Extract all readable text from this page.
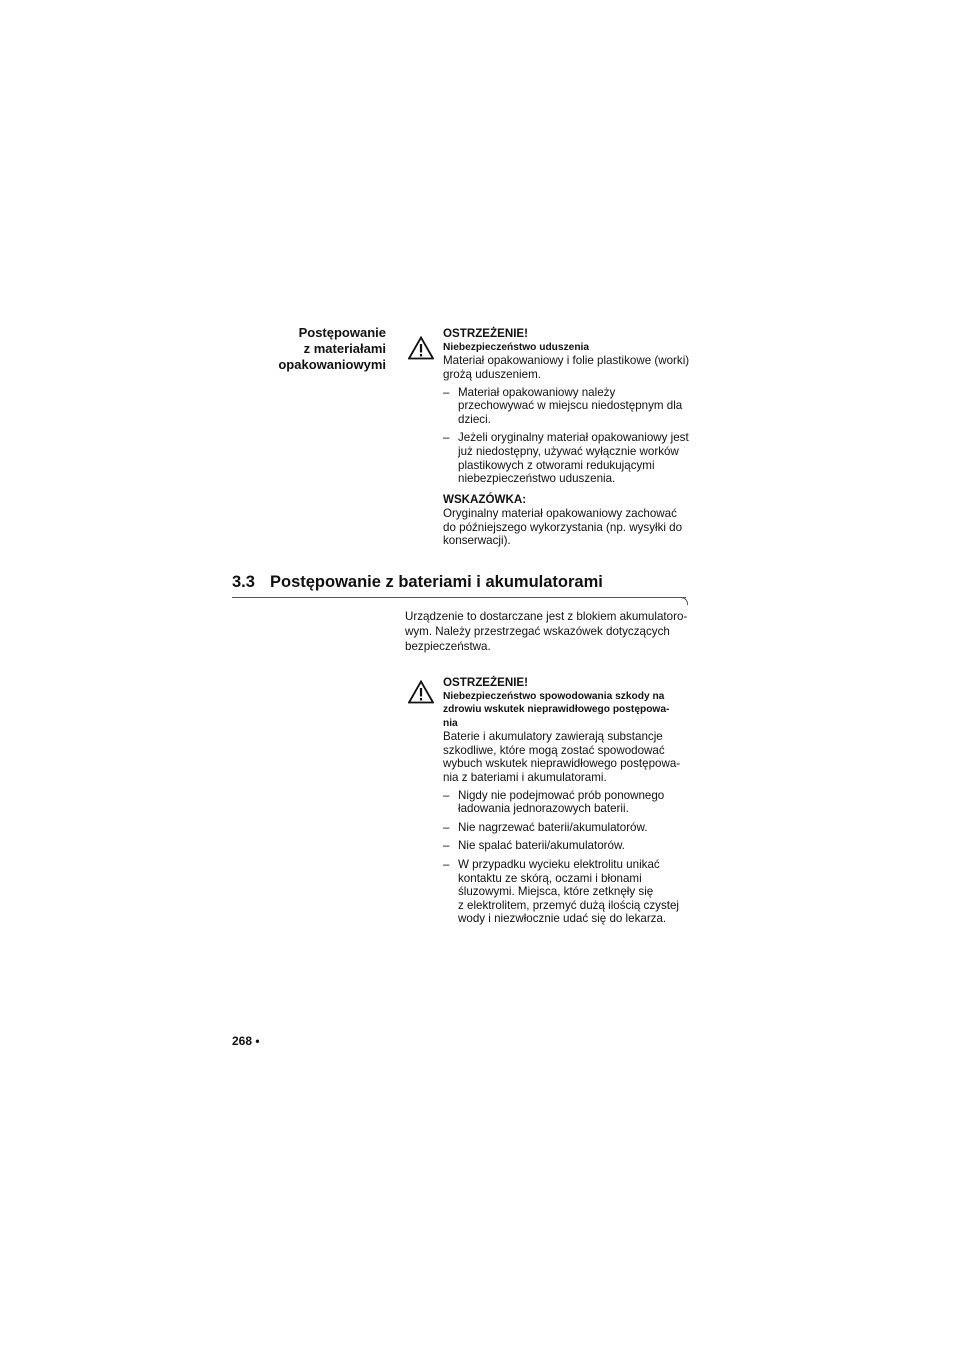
Postępowanie
z materiałami
opakowaniowymi
OSTRZEŻENIE!
Niebezpieczeństwo uduszenia

Materiał opakowaniowy i folie plastikowe (worki)
grożą uduszeniem.

– Materiał opakowaniowy należy
przechowywać w miejscu niedostępnym dla
dzieci.
– Jeżeli oryginalny materiał opakowaniowy jest
już niedostępny, używać wyłącznie worków
plastikowych z otworami redukującymi
niebezpieczeństwo uduszenia.
WSKAZÓWKA:

Oryginalny materiał opakowaniowy zachować
do późniejszego wykorzystania (np. wysyłki do
konserwacji).

3.3 Postępowanie z bateriami i akumulatorami
Urządzenie to dostarczane jest z blokiem akumulatoro-
wym. Należy przestrzegać wskazówek dotyczących
bezpieczeństwa.
OSTRZEŻENIE!
Niebezpieczeństwo spowodowania szkody na
zdrowiu wskutek nieprawidłowego postępowa-
nia

Baterie i akumulatory zawierają substancje
szkodliwe, które mogą zostać spowodować
wybuch wskutek nieprawidłowego postępowa-
nia z bateriami i akumulatorami.

– Nigdy nie podejmować prób ponownego
ładowania jednorazowych baterii.
– Nie nagrzewać baterii/akumulatorów.
– Nie spalać baterii/akumulatorów.
– W przypadku wycieku elektrolitu unikać
kontaktu ze skórą, oczami i błonami
śluzowymi. Miejsca, które zetknęły się
z elektrolitem, przemyć dużą ilością czystej
wody i niezwłocznie udać się do lekarza.
268 •
